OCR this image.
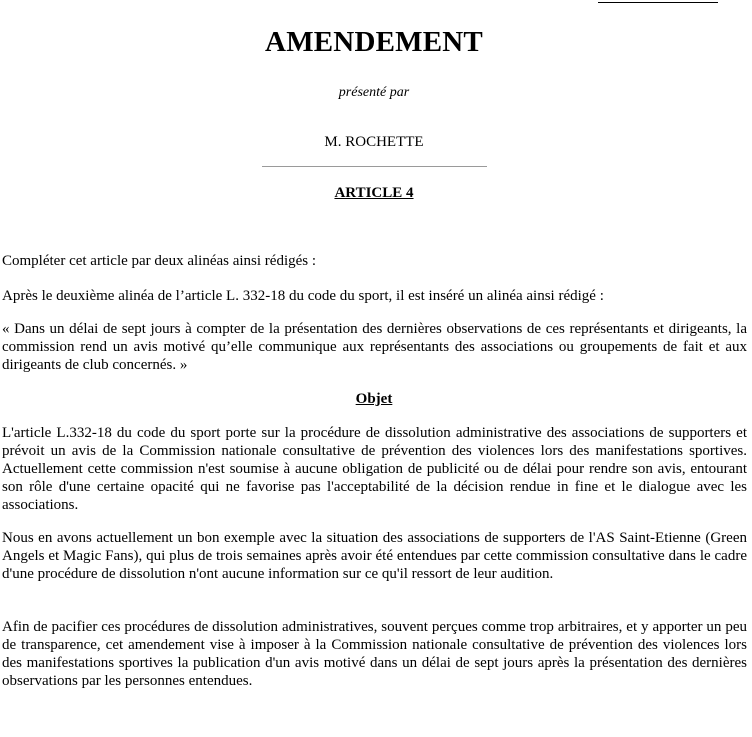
AMENDEMENT
présenté par
M. ROCHETTE
ARTICLE 4

Compléter cet article par deux alinéas ainsi rédigés :

Après le deuxième alinéa de l’article L. 332-18 du code du sport, il est inséré un alinéa ainsi rédigé :

« Dans un délai de sept jours à compter de la présentation des dernières observations de ces représentants et dirigeants, la commission rend un avis motivé qu’elle communique aux représentants des associations ou groupements de fait et aux dirigeants de club concernés. »

Objet

L'article L.332-18 du code du sport porte sur la procédure de dissolution administrative des associations de supporters et prévoit un avis de la Commission nationale consultative de prévention des violences lors des manifestations sportives. Actuellement cette commission n'est soumise à aucune obligation de publicité ou de délai pour rendre son avis, entourant son rôle d'une certaine opacité qui ne favorise pas l'acceptabilité de la décision rendue in fine et le dialogue avec les associations.

Nous en avons actuellement un bon exemple avec la situation des associations de supporters de l'AS Saint-Etienne (Green Angels et Magic Fans), qui plus de trois semaines après avoir été entendues par cette commission consultative dans le cadre d'une procédure de dissolution n'ont aucune information sur ce qu'il ressort de leur audition.

Afin de pacifier ces procédures de dissolution administratives, souvent perçues comme trop arbitraires, et y apporter un peu de transparence, cet amendement vise à imposer à la Commission nationale consultative de prévention des violences lors des manifestations sportives la publication d'un avis motivé dans un délai de sept jours après la présentation des dernières observations par les personnes entendues.
